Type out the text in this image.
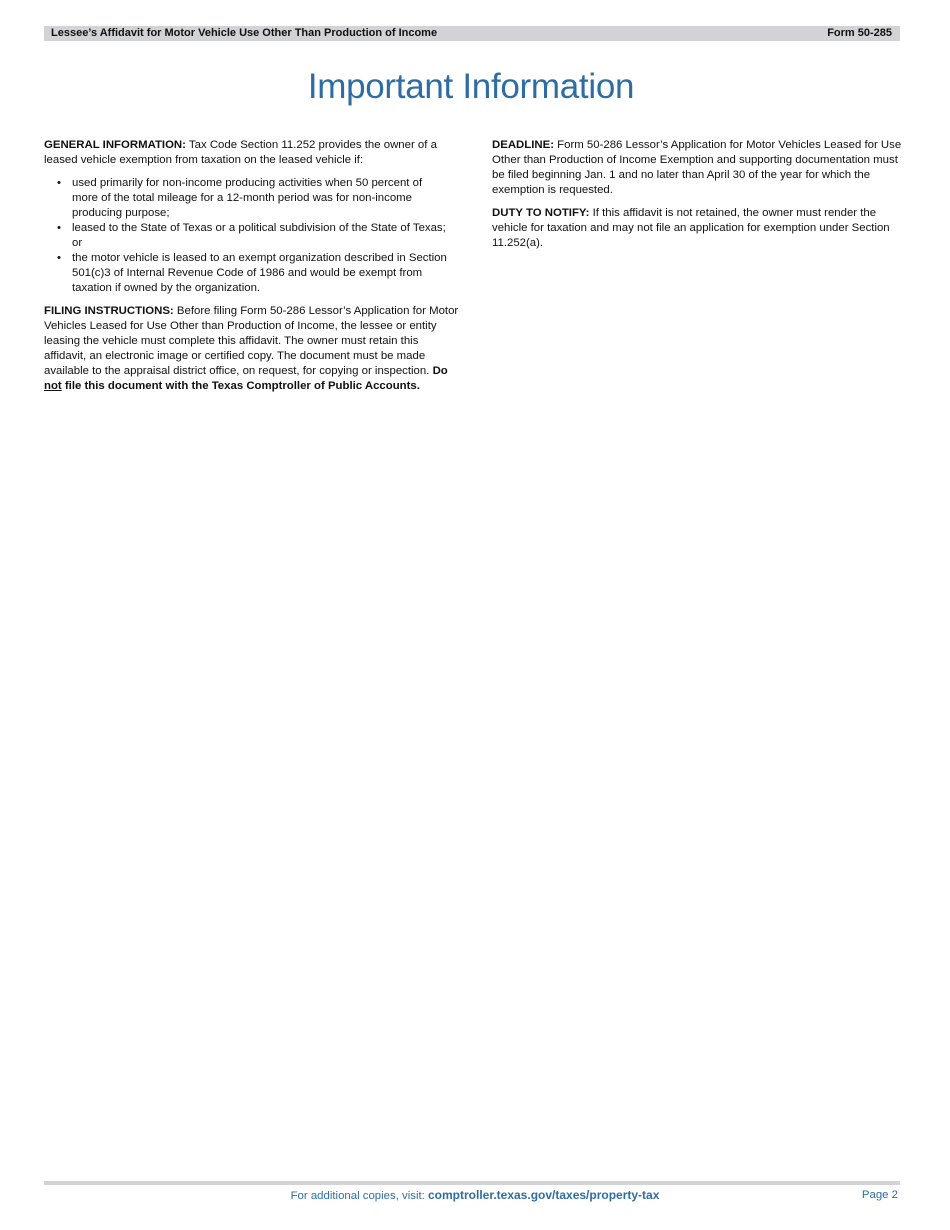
Lessee’s Affidavit for Motor Vehicle Use Other Than Production of Income	Form 50-285
Important Information

GENERAL INFORMATION: Tax Code Section 11.252 provides the owner of a leased vehicle exemption from taxation on the leased vehicle if:

• used primarily for non-income producing activities when 50 percent of more of the total mileage for a 12-month period was for non-income producing purpose;
• leased to the State of Texas or a political subdivision of the State of Texas; or
• the motor vehicle is leased to an exempt organization described in Section 501(c)3 of Internal Revenue Code of 1986 and would be exempt from taxation if owned by the organization.

FILING INSTRUCTIONS: Before filing Form 50-286 Lessor’s Application for Motor Vehicles Leased for Use Other than Production of Income, the lessee or entity leasing the vehicle must complete this affidavit. The owner must retain this affidavit, an electronic image or certified copy. The document must be made available to the appraisal district office, on request, for copying or inspection. Do not file this document with the Texas Comptroller of Public Accounts.

DEADLINE: Form 50-286 Lessor’s Application for Motor Vehicles Leased for Use Other than Production of Income Exemption and supporting documentation must be filed beginning Jan. 1 and no later than April 30 of the year for which the exemption is requested.

DUTY TO NOTIFY: If this affidavit is not retained, the owner must render the vehicle for taxation and may not file an application for exemption under Section 11.252(a).

For additional copies, visit: comptroller.texas.gov/taxes/property-tax	Page 2
